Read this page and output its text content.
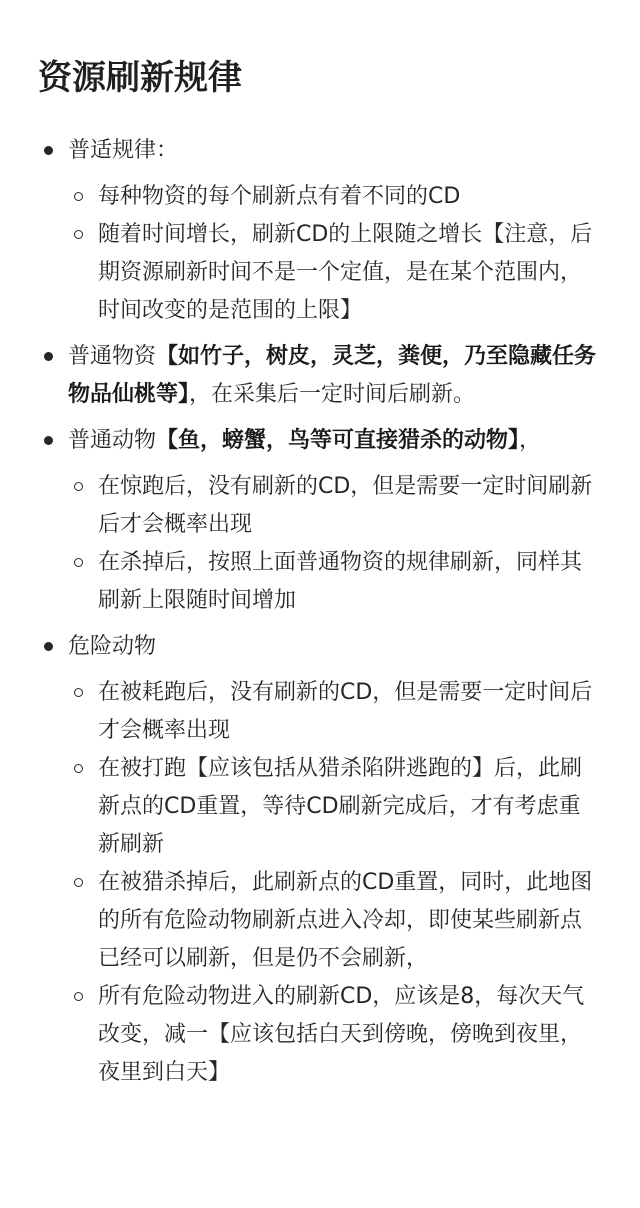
资源刷新规律
普适规律：
每种物资的每个刷新点有着不同的CD
随着时间增长，刷新CD的上限随之增长【注意，后期资源刷新时间不是一个定值，是在某个范围内，时间改变的是范围的上限】
普通物资【如竹子，树皮，灵芝，粪便，乃至隐藏任务物品仙桃等】，在采集后一定时间后刷新。
普通动物【鱼，螃蟹，鸟等可直接猎杀的动物】，
在惊跑后，没有刷新的CD，但是需要一定时间刷新后才会概率出现
在杀掉后，按照上面普通物资的规律刷新，同样其刷新上限随时间增加
危险动物
在被耗跑后，没有刷新的CD，但是需要一定时间后才会概率出现
在被打跑【应该包括从猎杀陷阱逃跑的】后，此刷新点的CD重置，等待CD刷新完成后，才有考虑重新刷新
在被猎杀掉后，此刷新点的CD重置，同时，此地图的所有危险动物刷新点进入冷却，即使某些刷新点已经可以刷新，但是仍不会刷新，
所有危险动物进入的刷新CD，应该是8，每次天气改变，减一【应该包括白天到傍晚，傍晚到夜里，夜里到白天】
